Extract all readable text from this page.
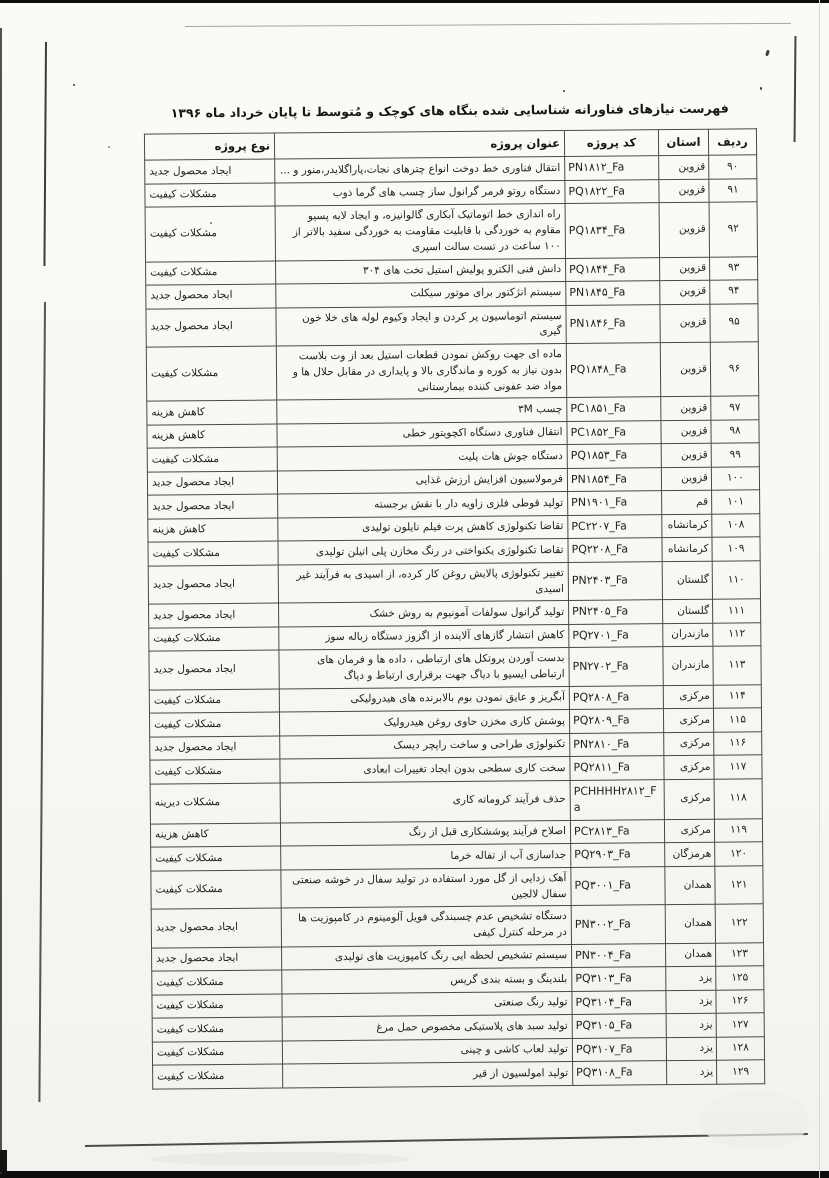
فهرست نیازهای فناورانه شناسایی شده بنگاه های کوچک و مُتوسط تا پایان خرداد ماه ۱۳۹۶
ردیف	استان	کد پروژه	عنوان پروژه	نوع پروژه
۹۰	قزوین	PN۱۸۱۲_Fa	انتقال فناوری خط دوخت انواع چترهای نجات،پاراگلایدر،منور و ...	ایجاد محصول جدید
۹۱	قزوین	PQ۱۸۲۲_Fa	دستگاه روتو فرمر گرانول ساز چسب های گرما ذوب	مشکلات کیفیت
۹۲	قزوین	PQ۱۸۳۴_Fa	راه اندازی خط اتوماتیک آبکاری گالوانیزه، و ایجاد لایه پسیو مقاوم به خوردگی با قابلیت مقاومت به خوردگی سفید بالاتر از ۱۰۰ ساعت در تست سالت اسپری	مشکلات کیفیت
۹۳	قزوین	PQ۱۸۴۴_Fa	دانش فنی الکترو پولیش استیل تخت های ۳۰۴	مشکلات کیفیت
۹۴	قزوین	PN۱۸۴۵_Fa	سیستم انژکتور برای موتور سیکلت	ایجاد محصول جدید
۹۵	قزوین	PN۱۸۴۶_Fa	سیستم اتوماسیون پر کردن و ایجاد وکیوم لوله های خلا خون گیری	ایجاد محصول جدید
۹۶	قزوین	PQ۱۸۴۸_Fa	ماده ای جهت روکش نمودن قطعات استیل بعد از وت بلاست بدون نیاز به کوره و ماندگاری بالا و پایداری در مقابل حلال ها و مواد ضد عفونی کننده بیمارستانی	مشکلات کیفیت
۹۷	قزوین	PC۱۸۵۱_Fa	چسب ۳M	کاهش هزینه
۹۸	قزوین	PC۱۸۵۲_Fa	انتقال فناوری دستگاه اکچویتور خطی	کاهش هزینه
۹۹	قزوین	PQ۱۸۵۳_Fa	دستگاه جوش هات پلیت	مشکلات کیفیت
۱۰۰	قزوین	PN۱۸۵۴_Fa	فرمولاسیون افزایش ارزش غذایی	ایجاد محصول جدید
۱۰۱	قم	PN۱۹۰۱_Fa	تولید قوطی فلزی زاویه دار با نقش برجسته	ایجاد محصول جدید
۱۰۸	کرمانشاه	PC۲۲۰۷_Fa	تقاضا تکنولوژی کاهش پرت فیلم نایلون تولیدی	کاهش هزینه
۱۰۹	کرمانشاه	PQ۲۲۰۸_Fa	تقاضا تکنولوژی یکنواختی در رنگ مخازن پلی اتیلن تولیدی	مشکلات کیفیت
۱۱۰	گلستان	PN۲۴۰۳_Fa	تغییر تکنولوژی پالایش روغن کار کرده، از اسیدی به فرآیند غیر اسیدی	ایجاد محصول جدید
۱۱۱	گلستان	PN۲۴۰۵_Fa	تولید گرانول سولفات آمونیوم به روش خشک	ایجاد محصول جدید
۱۱۲	مازندران	PQ۲۷۰۱_Fa	کاهش انتشار گازهای آلاینده از اگزوز دستگاه زباله سوز	مشکلات کیفیت
۱۱۳	مازندران	PN۲۷۰۲_Fa	بدست آوردن پروتکل های ارتباطی ، داده ها و فرمان های ارتباطی ایسیو با دیاگ جهت برقراری ارتباط و دیاگ	ایجاد محصول جدید
۱۱۴	مرکزی	PQ۲۸۰۸_Fa	آبگریز و عایق نمودن بوم بالابرنده های هیدرولیکی	مشکلات کیفیت
۱۱۵	مرکزی	PQ۲۸۰۹_Fa	پوشش کاری مخزن حاوی روغن هیدرولیک	مشکلات کیفیت
۱۱۶	مرکزی	PN۲۸۱۰_Fa	تکنولوژی طراحی و ساخت راپچر دیسک	ایجاد محصول جدید
۱۱۷	مرکزی	PQ۲۸۱۱_Fa	سخت کاری سطحی بدون ایجاد تغییرات ابعادی	مشکلات کیفیت
۱۱۸	مرکزی	PCHHHH۲۸۱۲_Fa	حذف فرآیند کروماته کاری	مشکلات دیرینه
۱۱۹	مرکزی	PC۲۸۱۳_Fa	اصلاح فرآیند پوششکاری قبل از رنگ	کاهش هزینه
۱۲۰	هرمزگان	PQ۲۹۰۳_Fa	جداسازی آب از تفاله خرما	مشکلات کیفیت
۱۲۱	همدان	PQ۳۰۰۱_Fa	آهک زدایی از گل مورد استفاده در تولید سفال در خوشه صنعتی سفال لالجین	مشکلات کیفیت
۱۲۲	همدان	PN۳۰۰۲_Fa	دستگاه تشخیص عدم چسبندگی فویل آلومینوم در کامپوزیت ها در مرحله کنترل کیفی	ایجاد محصول جدید
۱۲۳	همدان	PN۳۰۰۴_Fa	سیستم تشخیص لحظه ایی رنگ کامپوزیت های تولیدی	ایجاد محصول جدید
۱۲۵	یزد	PQ۳۱۰۳_Fa	بلندینگ و بسته بندی گریس	مشکلات کیفیت
۱۲۶	یزد	PQ۳۱۰۴_Fa	تولید رنگ صنعتی	مشکلات کیفیت
۱۲۷	یزد	PQ۳۱۰۵_Fa	تولید سبد های پلاستیکی مخصوص حمل مرغ	مشکلات کیفیت
۱۲۸	یزد	PQ۳۱۰۷_Fa	تولید لعاب کاشی و چینی	مشکلات کیفیت
۱۲۹	یزد	PQ۳۱۰۸_Fa	تولید امولسیون از قیر	مشکلات کیفیت
